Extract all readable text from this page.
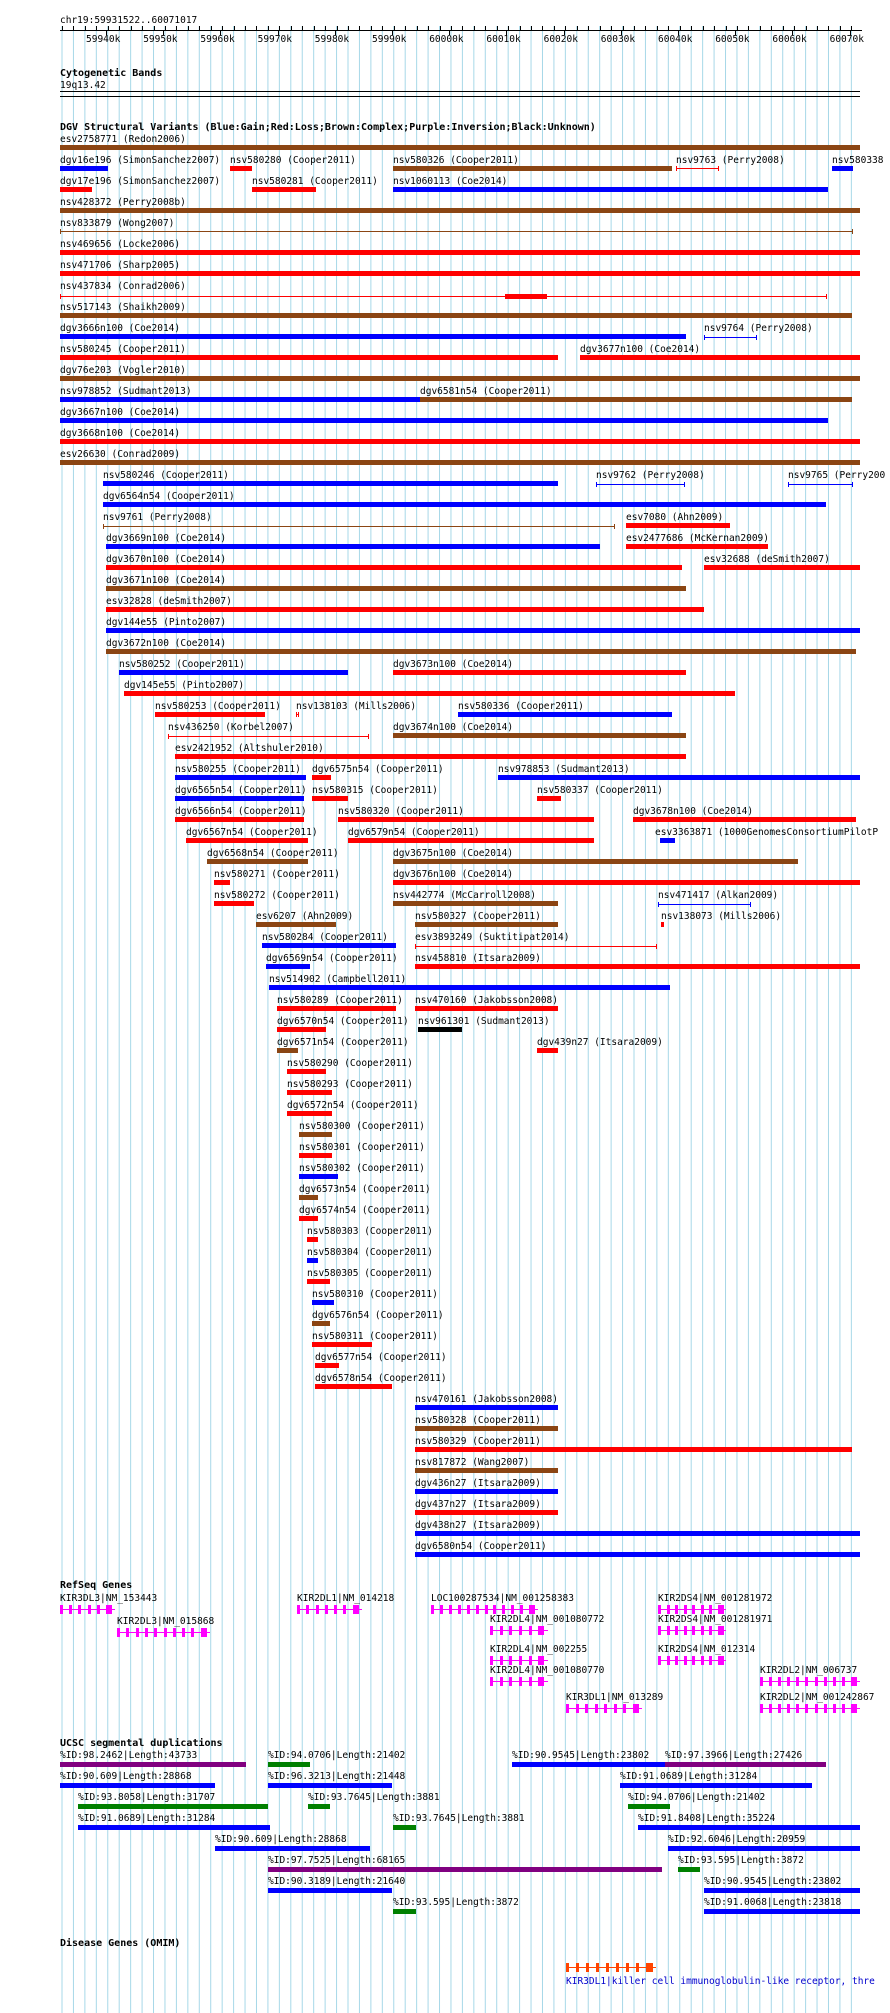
chr19:59931522..60071017
59940k 59950k 59960k 59970k 59980k 59990k 60000k 60010k 60020k 60030k 60040k 60050k 60060k 60070k
Cytogenetic Bands
19q13.42
DGV Structural Variants (Blue:Gain;Red:Loss;Brown:Complex;Purple:Inversion;Black:Unknown)
esv2758771 (Redon2006)
dgv16e196 (SimonSanchez2007) nsv580280 (Cooper2011)	nsv580326 (Cooper2011)	nsv9763 (Perry2008)	nsv580338
dgv17e196 (SimonSanchez2007)	nsv580281 (Cooper2011) nsv1060113 (Coe2014)
nsv428372 (Perry2008b)
nsv833879 (Wong2007)
nsv469656 (Locke2006)
nsv471706 (Sharp2005)
nsv437834 (Conrad2006)
nsv517143 (Shaikh2009)
dgv3666n100 (Coe2014)	nsv9764 (Perry2008)
nsv580245 (Cooper2011)	dgv3677n100 (Coe2014)
dgv76e203 (Vogler2010)
nsv978852 (Sudmant2013)	dgv6581n54 (Cooper2011)
dgv3667n100 (Coe2014)
dgv3668n100 (Coe2014)
esv26630 (Conrad2009)
nsv580246 (Cooper2011)	nsv9762 (Perry2008)	nsv9765 (Perry200
dgv6564n54 (Cooper2011)
nsv9761 (Perry2008)	esv7080 (Ahn2009)
dgv3669n100 (Coe2014)	esv2477686 (McKernan2009)
dgv3670n100 (Coe2014)	esv32688 (deSmith2007)
dgv3671n100 (Coe2014)
esv32828 (deSmith2007)
dgv144e55 (Pinto2007)
dgv3672n100 (Coe2014)
nsv580252 (Cooper2011)	dgv3673n100 (Coe2014)
dgv145e55 (Pinto2007)
nsv580253 (Cooper2011) nsv138103 (Mills2006)	nsv580336 (Cooper2011)
nsv436250 (Korbel2007)	dgv3674n100 (Coe2014)
esv2421952 (Altshuler2010)
nsv580255 (Cooper2011) dgv6575n54 (Cooper2011)	nsv978853 (Sudmant2013)
dgv6565n54 (Cooper2011) nsv580315 (Cooper2011)	nsv580337 (Cooper2011)
dgv6566n54 (Cooper2011)	nsv580320 (Cooper2011)	dgv3678n100 (Coe2014)
dgv6567n54 (Cooper2011)	dgv6579n54 (Cooper2011)	esv3363871 (1000GenomesConsortiumPilotP
dgv6568n54 (Cooper2011)	dgv3675n100 (Coe2014)
nsv580271 (Cooper2011)	dgv3676n100 (Coe2014)
nsv580272 (Cooper2011)	nsv442774 (McCarroll2008)	nsv471417 (Alkan2009)
esv6207 (Ahn2009)	nsv580327 (Cooper2011)	nsv138073 (Mills2006)
nsv580284 (Cooper2011)	esv3893249 (Suktitipat2014)
dgv6569n54 (Cooper2011) nsv458810 (Itsara2009)
nsv514902 (Campbell2011)
nsv580289 (Cooper2011) nsv470160 (Jakobsson2008)
dgv6570n54 (Cooper2011) nsv961301 (Sudmant2013)
dgv6571n54 (Cooper2011)	dgv439n27 (Itsara2009)
nsv580290 (Cooper2011)
nsv580293 (Cooper2011)
dgv6572n54 (Cooper2011)
nsv580300 (Cooper2011)
nsv580301 (Cooper2011)
nsv580302 (Cooper2011)
dgv6573n54 (Cooper2011)
dgv6574n54 (Cooper2011)
nsv580303 (Cooper2011)
nsv580304 (Cooper2011)
nsv580305 (Cooper2011)
nsv580310 (Cooper2011)
dgv6576n54 (Cooper2011)
nsv580311 (Cooper2011)
dgv6577n54 (Cooper2011)
dgv6578n54 (Cooper2011)
nsv470161 (Jakobsson2008)
nsv580328 (Cooper2011)
nsv580329 (Cooper2011)
nsv817872 (Wang2007)
dgv436n27 (Itsara2009)
dgv437n27 (Itsara2009)
dgv438n27 (Itsara2009)
dgv6580n54 (Cooper2011)
RefSeq Genes
KIR3DL3|NM_153443
KIR2DL3|NM_015868
KIR2DL1|NM_014218	LOC100287534|NM_001258383
KIR2DL4|NM_001080772
KIR2DL4|NM_002255
KIR2DL4|NM_001080770
KIR3DL1|NM_013289
KIR2DS4|NM_001281972
KIR2DS4|NM_001281971
KIR2DS4|NM_012314
KIR2DL2|NM_006737
KIR2DL2|NM_001242867
UCSC segmental duplications
%ID:98.2462|Length:43733	%ID:94.0706|Length:21402	%ID:90.9545|Length:23802 %ID:97.3966|Length:27426
%ID:90.609|Length:28868	%ID:96.3213|Length:21448	%ID:91.0689|Length:31284
%ID:93.8058|Length:31707	%ID:93.7645|Length:3881	%ID:94.0706|Length:21402
%ID:91.0689|Length:31284	%ID:93.7645|Length:3881	%ID:91.8408|Length:35224
%ID:90.609|Length:28868	%ID:92.6046|Length:20959
%ID:97.7525|Length:68165	%ID:93.595|Length:3872
%ID:90.3189|Length:21640	%ID:90.9545|Length:23802
%ID:93.595|Length:3872	%ID:91.0068|Length:23818
Disease Genes (OMIM)
KIR3DL1|killer cell immunoglobulin-like receptor, thre
